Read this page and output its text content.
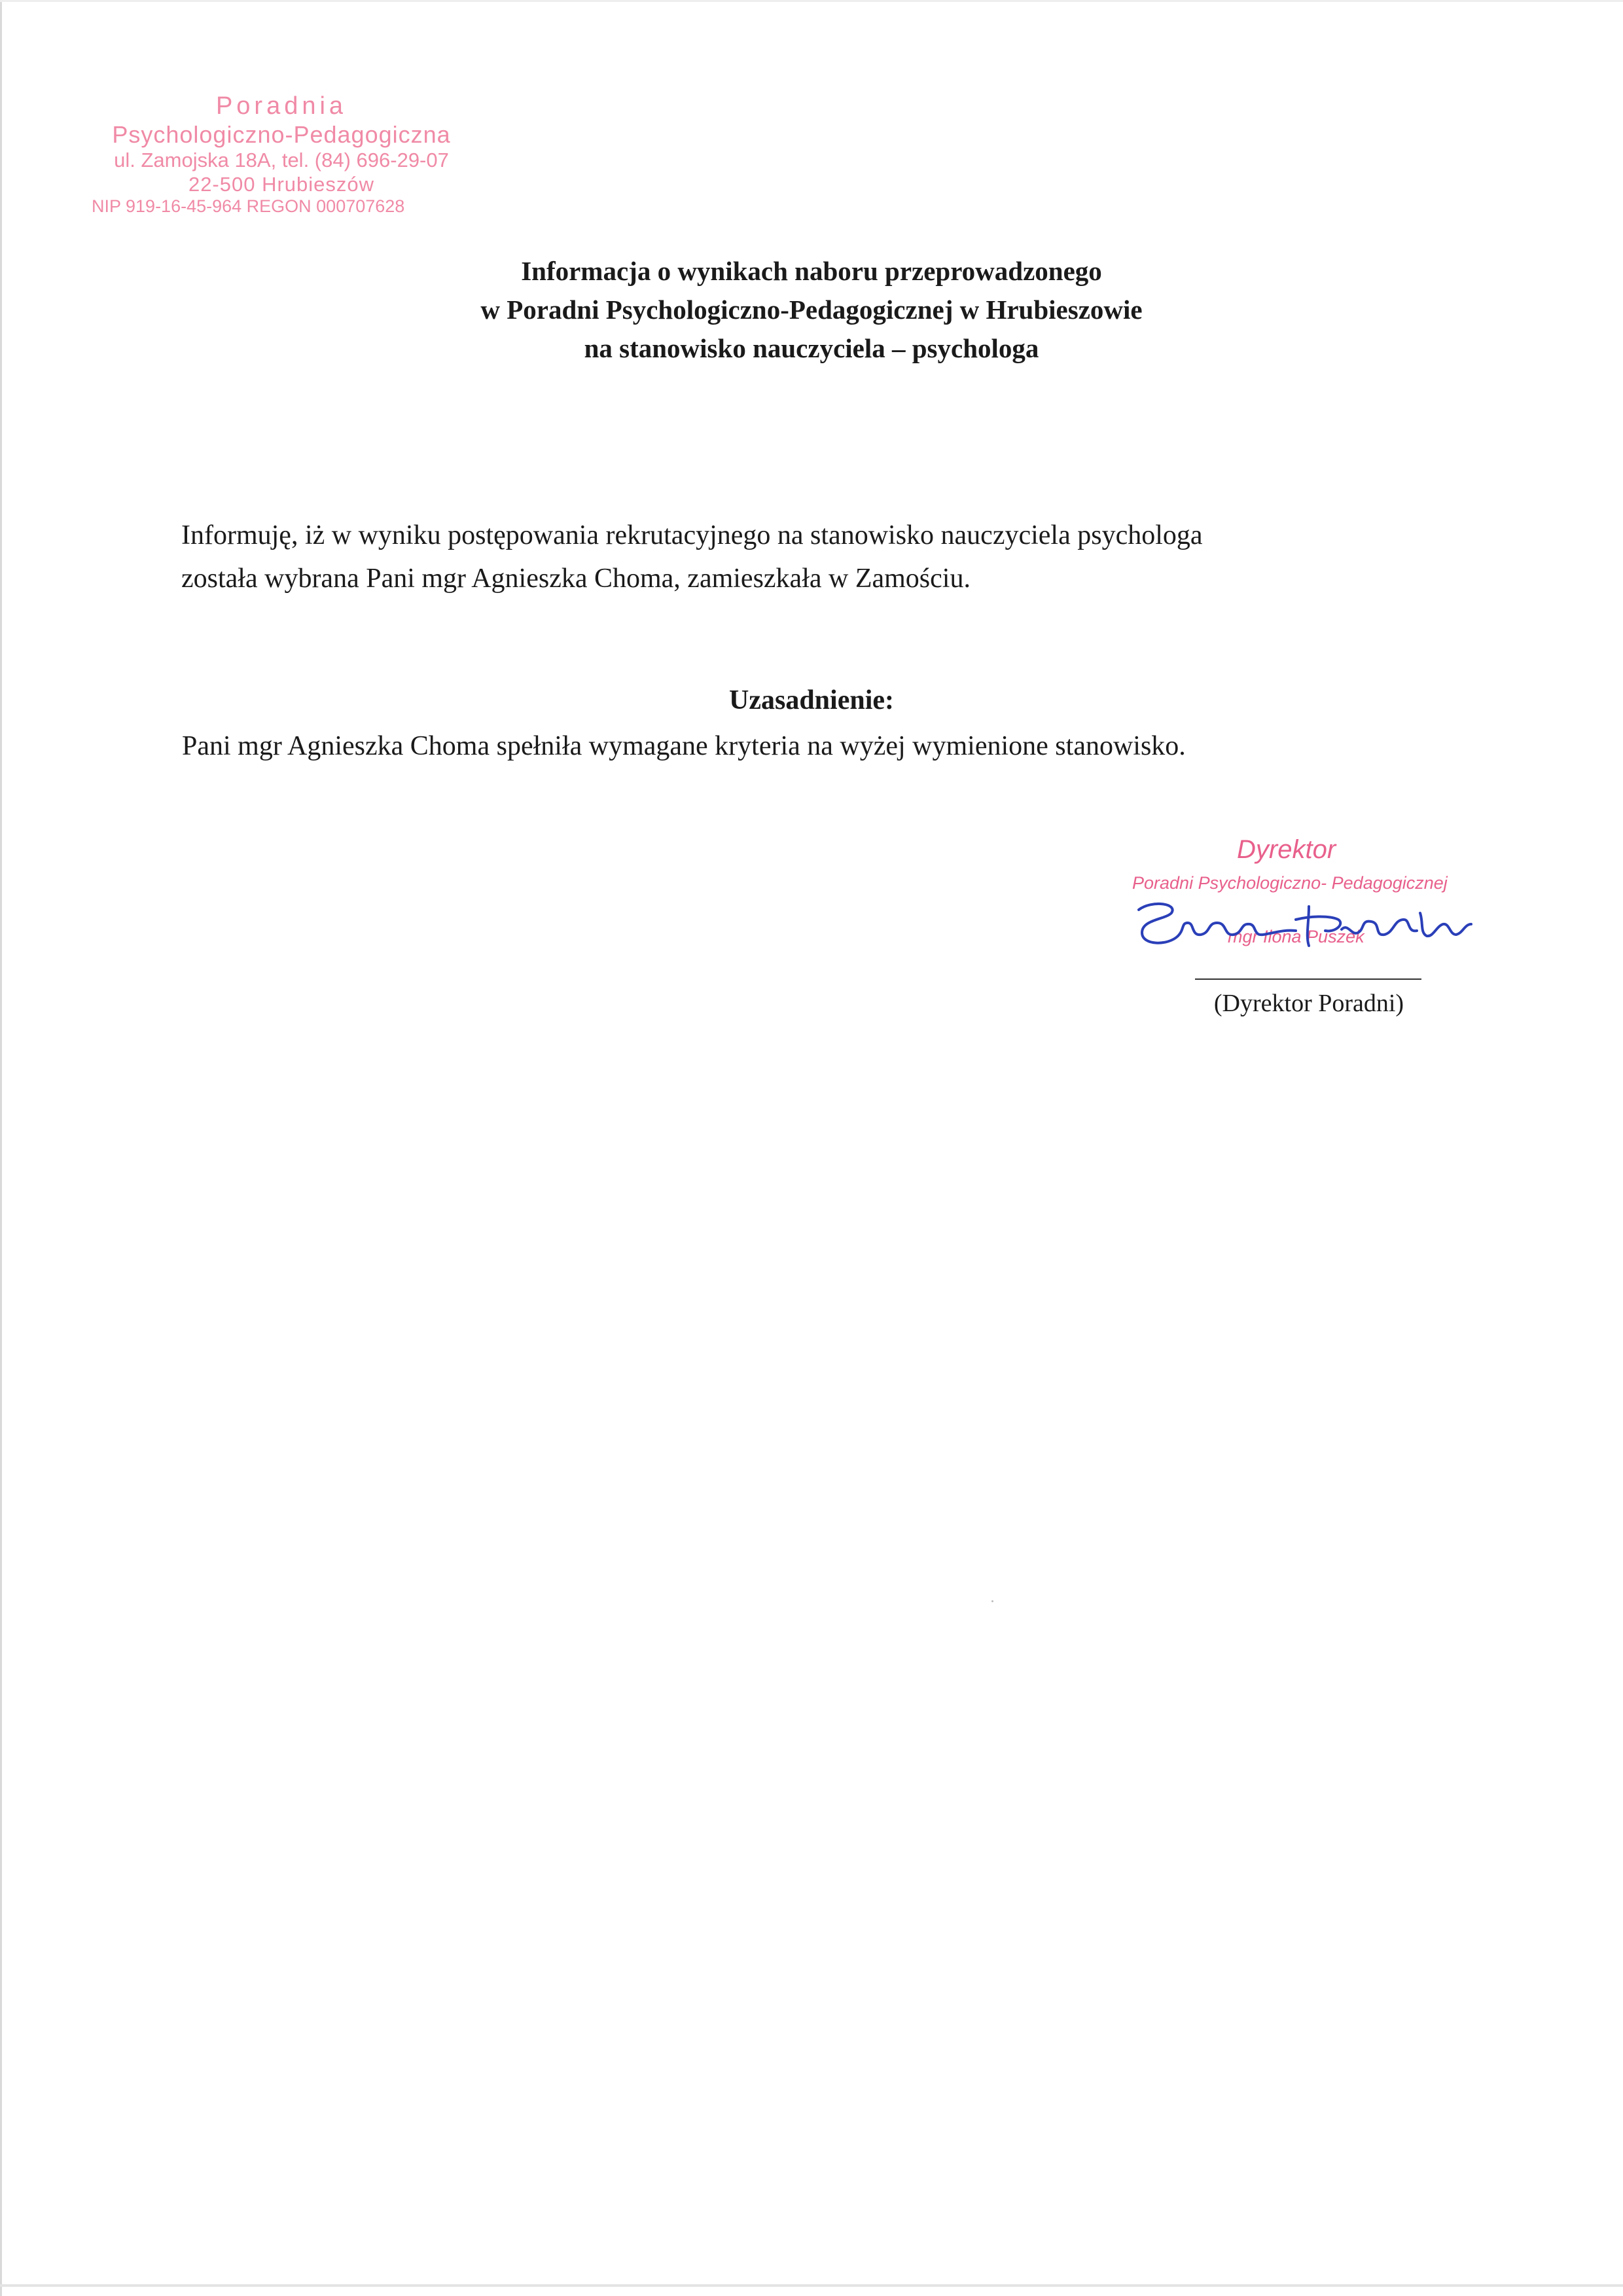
Poradnia
Psychologiczno-Pedagogiczna
ul. Zamojska 18A, tel. (84) 696-29-07
22-500 Hrubieszów
NIP 919-16-45-964 REGON 000707628
Informacja o wynikach naboru przeprowadzonego
w Poradni Psychologiczno-Pedagogicznej w Hrubieszowie
na stanowisko nauczyciela – psychologa
Informuję, iż w wyniku postępowania rekrutacyjnego na stanowisko nauczyciela psychologa
została wybrana Pani mgr Agnieszka Choma, zamieszkała w Zamościu.
Uzasadnienie:
Pani mgr Agnieszka Choma spełniła wymagane kryteria na wyżej wymienione stanowisko.
Dyrektor
Poradni Psychologiczno- Pedagogicznej
mgr Ilona Puszek
(Dyrektor Poradni)
